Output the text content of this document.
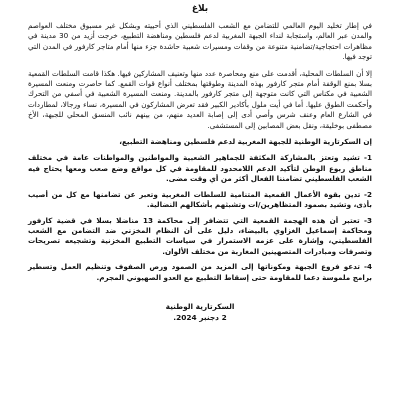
بلاغ

في إطار تخليد اليوم العالمي للتضامن مع الشعب الفلسطيني الذي أحييته وبشكل غير مسبوق مختلف العواصم والمدن عبر العالم، واستجابة لنداء الجبهة المغربية لدعم فلسطين ومناهضة التطبيع، خرجت أزيد من 30 مدينة في مظاهرات احتجاجية/تضامنية متنوعة من وقفات ومسيرات شعبية حاشدة جزء منها أمام متاجر كارفور في المدن التي توجد فيها.

إلا أن السلطات المحلية، أقدمت على منع ومحاصرة عدد منها وتعنيف المشاركين فيها. هكذا قامت السلطات القمعية بسلا بمنع الوقفة أمام متجر كارفور بهذه المدينة وطوقتها بمختلف أنواع قوات القمع. كما حاصرت ومنعت المسيرة الشعبية في مكناس التي كانت متوجهة إلى متجر كارفور بالمدينة. ومنعت المسيرة الشعبية في أسفي من التحرك وأحكمت الطوق عليها. أما في أيت ملول بأكادير الكبير فقد تعرض المشاركون في المسيرة، نساء ورجالا، لمطاردات في الشارع العام وعنف شرس وأصي أدى إلى إصابة العديد منهم، من بينهم نائب المنسق المحلي للجبهة، الأخ مصطفى بوخليقة، ونقل بعض المصابين إلى المستشفى.

إن السكرتارية الوطنية للجبهة المغربية لدعم فلسطين ومناهضة التطبيع،

1- تشيد وتعتز بالمشاركة المكثفة للجماهير الشعبية والمواطنين والمواطنات عامة في مختلف مناطق ربوع الوطن لتأكيد الدعم اللامحدود للمقاومة في كل مواقع وضع صعب ومعها يحتاج فيه الشعب الفلسطيني تضامننا الفعال أكثر من أي وقت مضى.

2- تدين بقوة الأعمال القمعية المتنامية للسلطات المغربية وتعبر عن تضامنها مع كل من أصيب بأذى، وتشيد بصمود المتظاهرين/ات وتشبثهم بأشكالهم النضالية.

3- تعتبر أن هذه الهجمة القمعية التي تتضافر إلى محاكمة 13 مناضلا بسلا في قضية كارفور ومحاكمة إسماعيل الغزاوي بالبيضاء، دليل على أن النظام المخزني ضد التضامن مع الشعب الفلسطيني، وإشارة على عزمه الاستمرار في سياسات التطبيع المخزنية وتشجيعه تصريحات وتصرفات ومبادرات المتصهينين المغاربة من مختلف الألوان.

4- تدعو فروع الجبهة ومكوناتها إلى المزيد من الصمود ورص الصفوف وتنظيم العمل وتسطير برامج ملموسة دعما للمقاومة حتى إسقاط التطبيع مع العدو الصهيوني المجرم.

السكرتارية الوطنية
2 دجنبر 2024.
